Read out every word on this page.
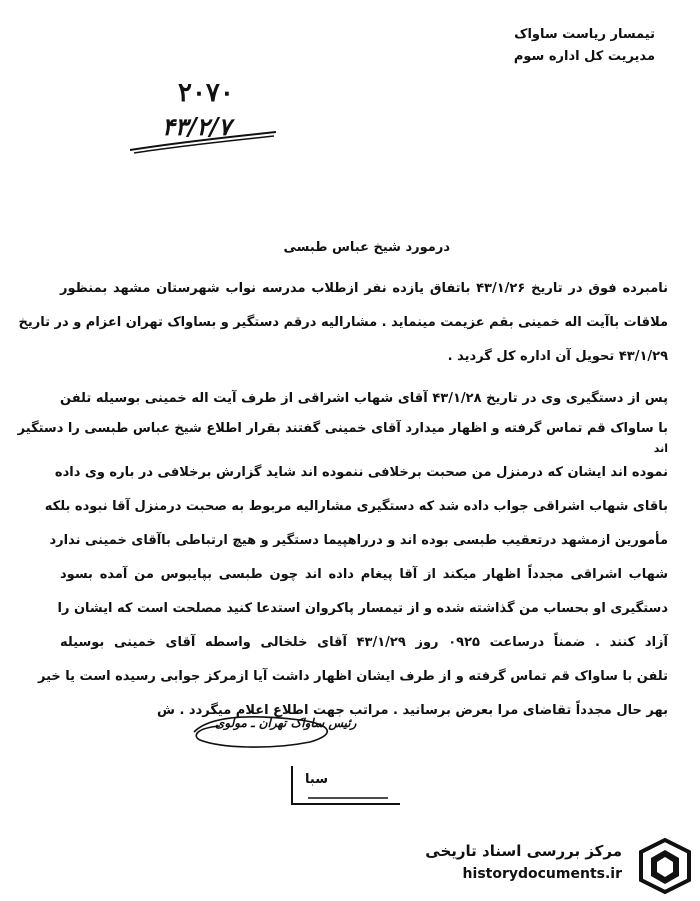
تیمسار ریاست ساواک
مدیریت کل اداره سوم
۲۰۷۰
۴۳/۲/۷
درمورد شیخ عباس طبسی
نامبرده فوق در تاریخ ۴۳/۱/۲۶ باتفاق یازده نفر ازطلاب مدرسه نواب شهرستان مشهد بمنظور
ملاقات باآیت اله خمینی بقم عزیمت مینماید . مشارالیه درقم دستگیر و بساواک تهران اعزام و در تاریخ
۴۳/۱/۲۹ تحویل آن اداره کل گردید .
پس از دستگیری وی در تاریخ ۴۳/۱/۲۸ آقای شهاب اشراقی از طرف آیت اله خمینی بوسیله تلفن
با ساواک قم تماس گرفته و اظهار میدارد آقای خمینی گفتند بقرار اطلاع شیخ عباس طبسی را دستگیر
اند
نموده اند ایشان که درمنزل من صحبت برخلافی ننموده اند شاید گزارش برخلافی در باره وی داده
باقای شهاب اشراقی جواب داده شد که دستگیری مشارالیه مربوط به صحبت درمنزل آقا نبوده بلکه
مأمورین ازمشهد درتعقیب طبسی بوده اند و درراهپیما دستگیر و هیچ ارتباطی باآقای خمینی ندارد
شهاب اشراقی مجدداً اظهار میکند از آقا پیغام داده اند چون طبسی بپایبوس من آمده بسود
دستگیری او بحساب من گذاشته شده و از تیمسار پاکروان استدعا کنید مصلحت است که ایشان را
آزاد کنند . ضمناً درساعت ۰۹۲۵ روز ۴۳/۱/۲۹ آقای خلخالی واسطه آقای خمینی بوسیله
تلفن با ساواک قم تماس گرفته و از طرف ایشان اظهار داشت آیا ازمرکز جوابی رسیده است یا خیر
بهر حال مجدداً تقاضای مرا بعرض برسانید . مراتب جهت اطلاع اعلام میگردد . ش
رئیس ساواک تهران ـ مولوی
سبا
مرکز بررسی اسناد تاریخی
historydocuments.ir
